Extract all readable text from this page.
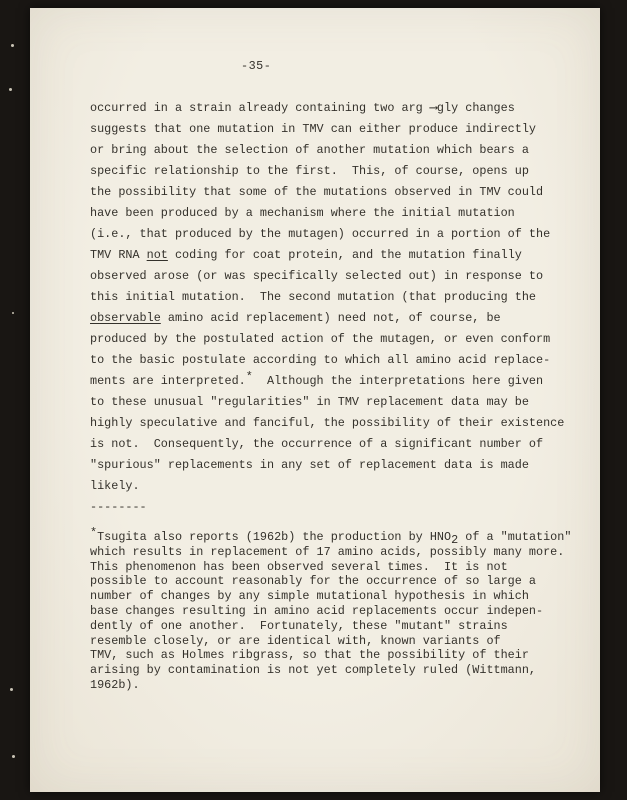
-35-
occurred in a strain already containing two arg ⟶gly changes
suggests that one mutation in TMV can either produce indirectly
or bring about the selection of another mutation which bears a
specific relationship to the first.  This, of course, opens up
the possibility that some of the mutations observed in TMV could
have been produced by a mechanism where the initial mutation
(i.e., that produced by the mutagen) occurred in a portion of the
TMV RNA not coding for coat protein, and the mutation finally
observed arose (or was specifically selected out) in response to
this initial mutation.  The second mutation (that producing the
observable amino acid replacement) need not, of course, be
produced by the postulated action of the mutagen, or even conform
to the basic postulate according to which all amino acid replace-
ments are interpreted.*  Although the interpretations here given
to these unusual "regularities" in TMV replacement data may be
highly speculative and fanciful, the possibility of their existence
is not.  Consequently, the occurrence of a significant number of
"spurious" replacements in any set of replacement data is made
likely.
--------
*Tsugita also reports (1962b) the production by HNO2 of a "mutation"
which results in replacement of 17 amino acids, possibly many more.
This phenomenon has been observed several times.  It is not
possible to account reasonably for the occurrence of so large a
number of changes by any simple mutational hypothesis in which
base changes resulting in amino acid replacements occur indepen-
dently of one another.  Fortunately, these "mutant" strains
resemble closely, or are identical with, known variants of
TMV, such as Holmes ribgrass, so that the possibility of their
arising by contamination is not yet completely ruled (Wittmann,
1962b).
